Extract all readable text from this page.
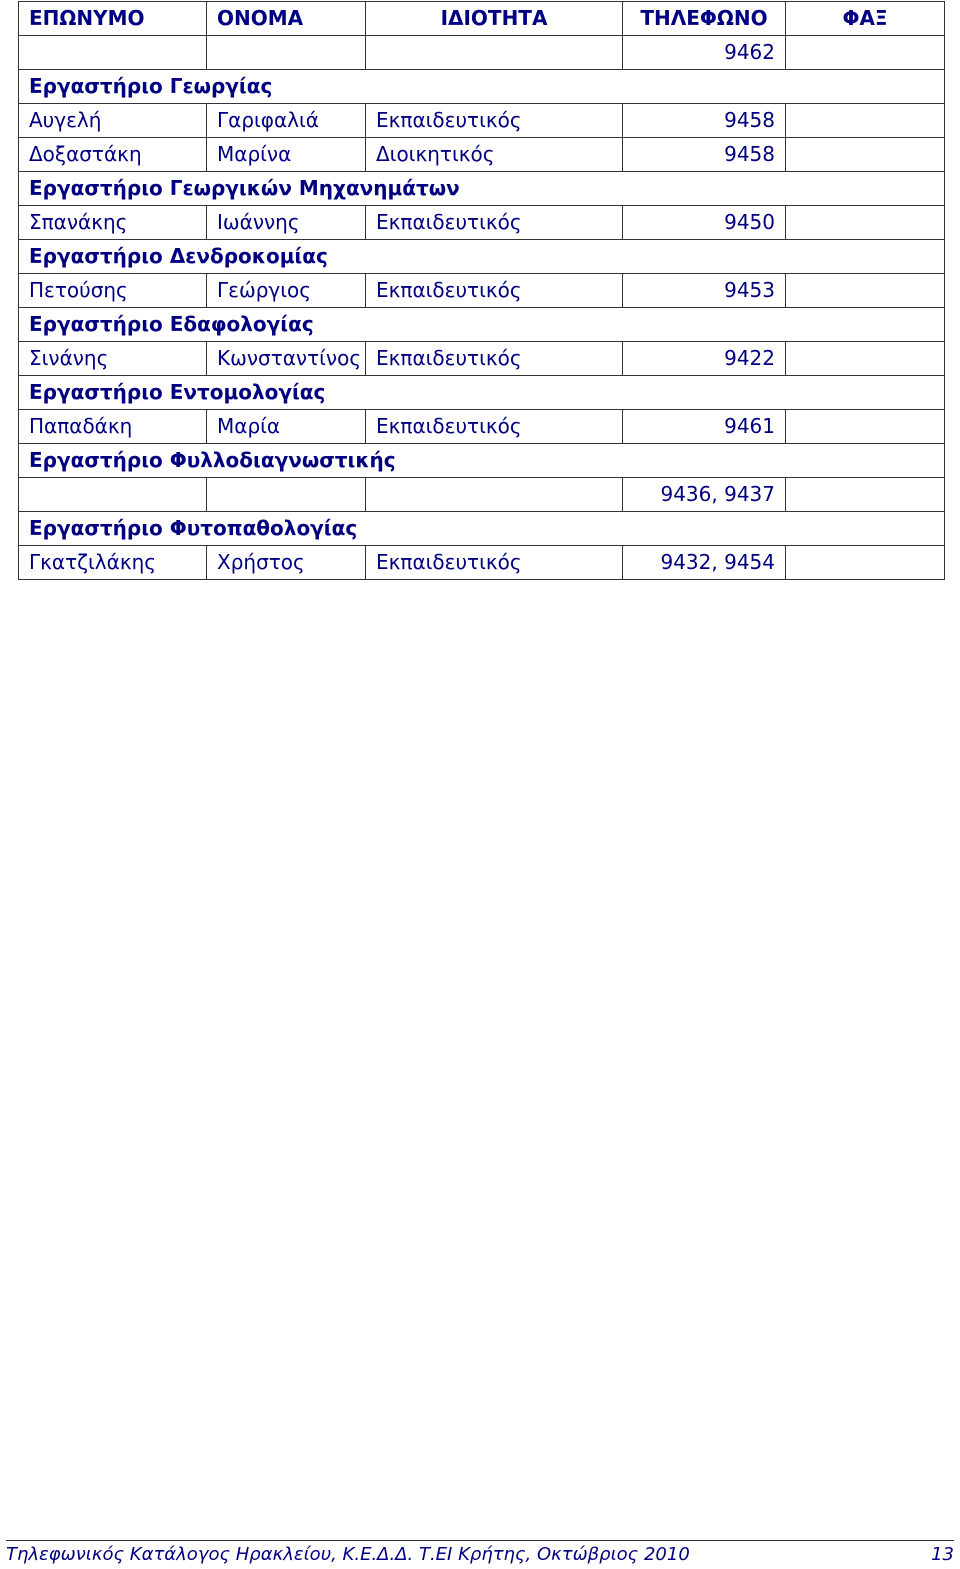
ΕΠΩΝΥΜΟ	ΟΝΟΜΑ	ΙΔΙΟΤΗΤΑ	ΤΗΛΕΦΩΝΟ	ΦΑΞ
			9462	
Εργαστήριο Γεωργίας				
Αυγελή	Γαριφαλιά	Εκπαιδευτικός	9458	
Δοξαστάκη	Μαρίνα	Διοικητικός	9458	
Εργαστήριο Γεωργικών Μηχανημάτων				
Σπανάκης	Ιωάννης	Εκπαιδευτικός	9450	
Εργαστήριο Δενδροκομίας				
Πετούσης	Γεώργιος	Εκπαιδευτικός	9453	
Εργαστήριο Εδαφολογίας				
Σινάνης	Κωνσταντίνος	Εκπαιδευτικός	9422	
Εργαστήριο Εντομολογίας				
Παπαδάκη	Μαρία	Εκπαιδευτικός	9461	
Εργαστήριο Φυλλοδιαγνωστικής				
			9436, 9437	
Εργαστήριο Φυτοπαθολογίας				
Γκατζιλάκης	Χρήστος	Εκπαιδευτικός	9432, 9454	
Τηλεφωνικός Κατάλογος Ηρακλείου, Κ.Ε.Δ.Δ. Τ.ΕΙ Κρήτης, Οκτώβριος 2010	13
